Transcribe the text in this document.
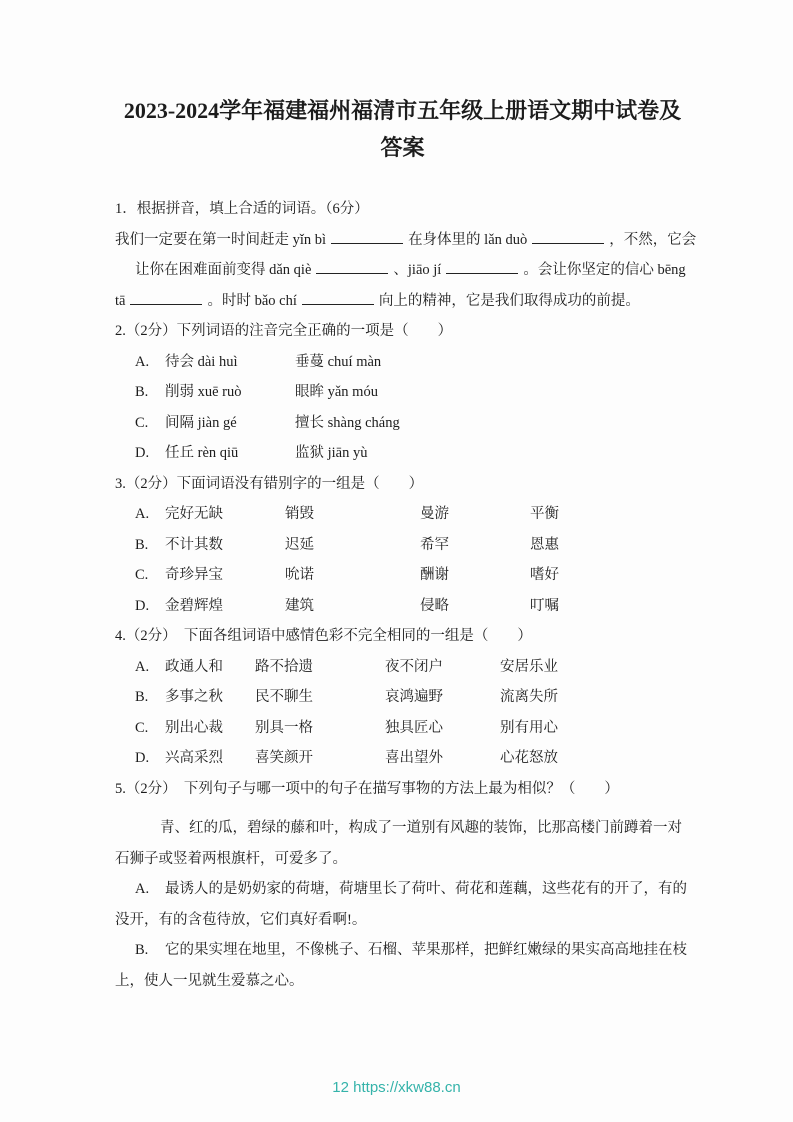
2023-2024学年福建福州福清市五年级上册语文期中试卷及
答案
1．根据拼音，填上合适的词语。（6分）
我们一定要在第一时间赶走 yǐn bì	在身体里的 lǎn duò	，不然，它会
让你在困难面前变得 dǎn qiè	、jiāo jí	。会让你坚定的信心 bēng
tā	。时时 bǎo chí	向上的精神，它是我们取得成功的前提。
2.（2分）下列词语的注音完全正确的一项是（　　）
A. 待会 dài huì	垂蔓 chuí màn
B. 削弱 xuē ruò	眼眸 yǎn móu
C. 间隔 jiàn gé	擅长 shàng cháng
D. 任丘 rèn qiū	监狱 jiān yù
3.（2分）下面词语没有错别字的一组是（　　）
A. 完好无缺	销毁	曼游	平衡
B. 不计其数	迟延	希罕	恩惠
C. 奇珍异宝	吮诺	酬谢	嗜好
D. 金碧辉煌	建筑	侵略	叮嘱
4.（2分）　下面各组词语中感情色彩不完全相同的一组是（　　）
A. 政通人和 路不拾遗	夜不闭户	安居乐业
B. 多事之秋 民不聊生	哀鸿遍野	流离失所
C. 别出心裁 别具一格	独具匠心	别有用心
D. 兴高采烈 喜笑颜开	喜出望外	心花怒放
5.（2分）　下列句子与哪一项中的句子在描写事物的方法上最为相似？（　　）
青、红的瓜，碧绿的藤和叶，构成了一道别有风趣的装饰，比那高楼门前蹲着一对
石狮子或竖着两根旗杆，可爱多了。
A. 最诱人的是奶奶家的荷塘，荷塘里长了荷叶、荷花和莲藕，这些花有的开了，有的
没开，有的含苞待放，它们真好看啊!。
B. 它的果实埋在地里，不像桃子、石榴、苹果那样，把鲜红嫩绿的果实高高地挂在枝
上，使人一见就生爱慕之心。
12 https://xkw88.cn
